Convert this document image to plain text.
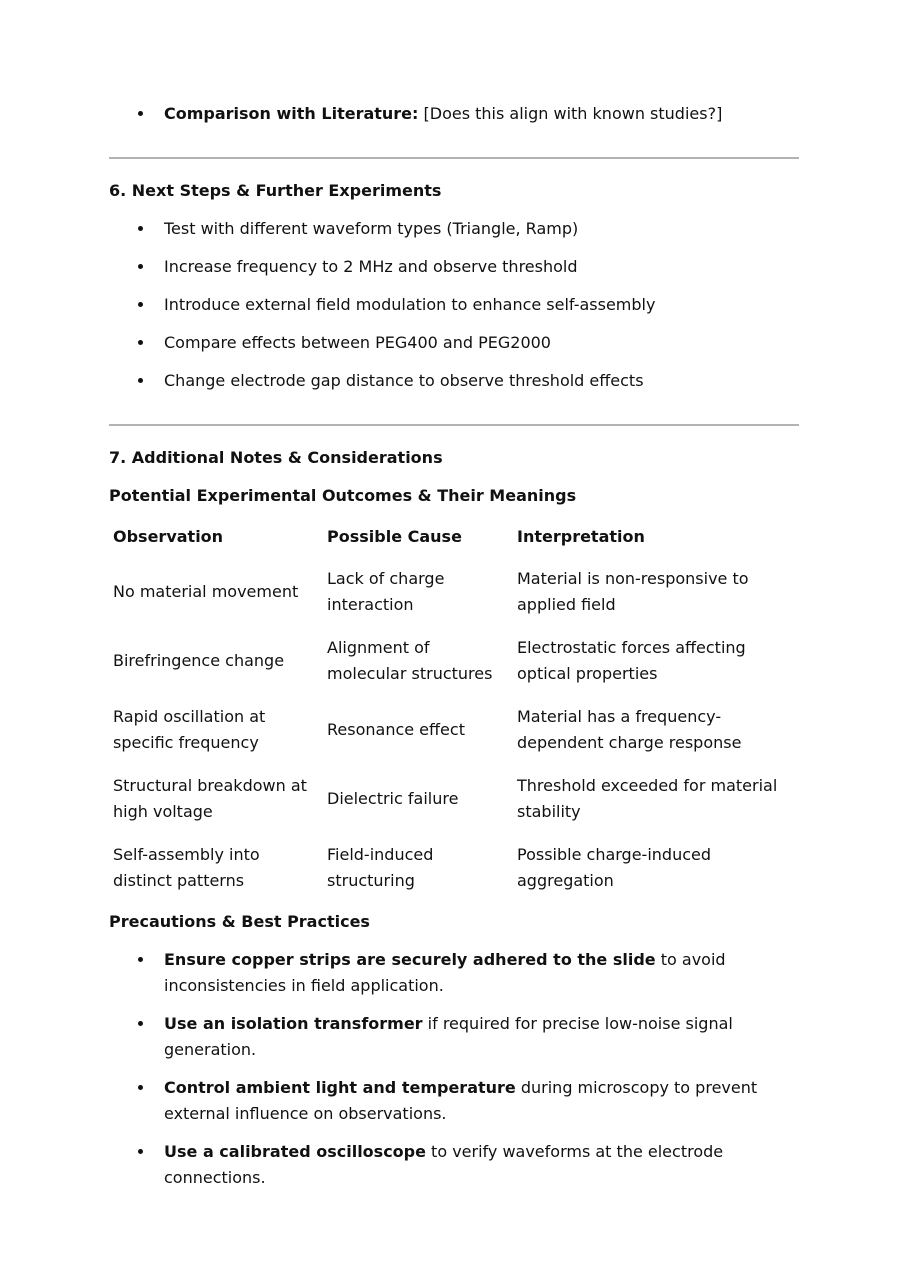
Comparison with Literature: [Does this align with known studies?]
6. Next Steps & Further Experiments
Test with different waveform types (Triangle, Ramp)
Increase frequency to 2 MHz and observe threshold
Introduce external field modulation to enhance self-assembly
Compare effects between PEG400 and PEG2000
Change electrode gap distance to observe threshold effects
7. Additional Notes & Considerations
Potential Experimental Outcomes & Their Meanings
Observation	Possible Cause	Interpretation
No material movement	Lack of charge interaction	Material is non-responsive to applied field
Birefringence change	Alignment of molecular structures	Electrostatic forces affecting optical properties
Rapid oscillation at specific frequency	Resonance effect	Material has a frequency-dependent charge response
Structural breakdown at high voltage	Dielectric failure	Threshold exceeded for material stability
Self-assembly into distinct patterns	Field-induced structuring	Possible charge-induced aggregation
Precautions & Best Practices
Ensure copper strips are securely adhered to the slide to avoid inconsistencies in field application.
Use an isolation transformer if required for precise low-noise signal generation.
Control ambient light and temperature during microscopy to prevent external influence on observations.
Use a calibrated oscilloscope to verify waveforms at the electrode connections.
